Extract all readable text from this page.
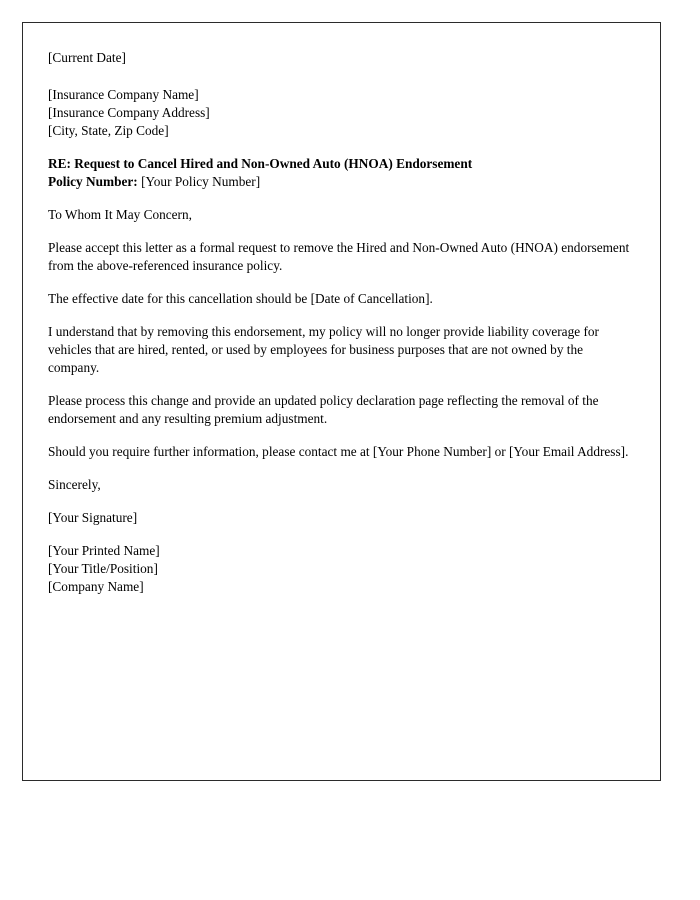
[Current Date]
[Insurance Company Name]
[Insurance Company Address]
[City, State, Zip Code]
RE: Request to Cancel Hired and Non-Owned Auto (HNOA) Endorsement
Policy Number: [Your Policy Number]

To Whom It May Concern,

Please accept this letter as a formal request to remove the Hired and Non-Owned Auto (HNOA) endorsement from the above-referenced insurance policy.

The effective date for this cancellation should be [Date of Cancellation].

I understand that by removing this endorsement, my policy will no longer provide liability coverage for vehicles that are hired, rented, or used by employees for business purposes that are not owned by the company.

Please process this change and provide an updated policy declaration page reflecting the removal of the endorsement and any resulting premium adjustment.

Should you require further information, please contact me at [Your Phone Number] or [Your Email Address].

Sincerely,

[Your Signature]

[Your Printed Name]
[Your Title/Position]
[Company Name]
